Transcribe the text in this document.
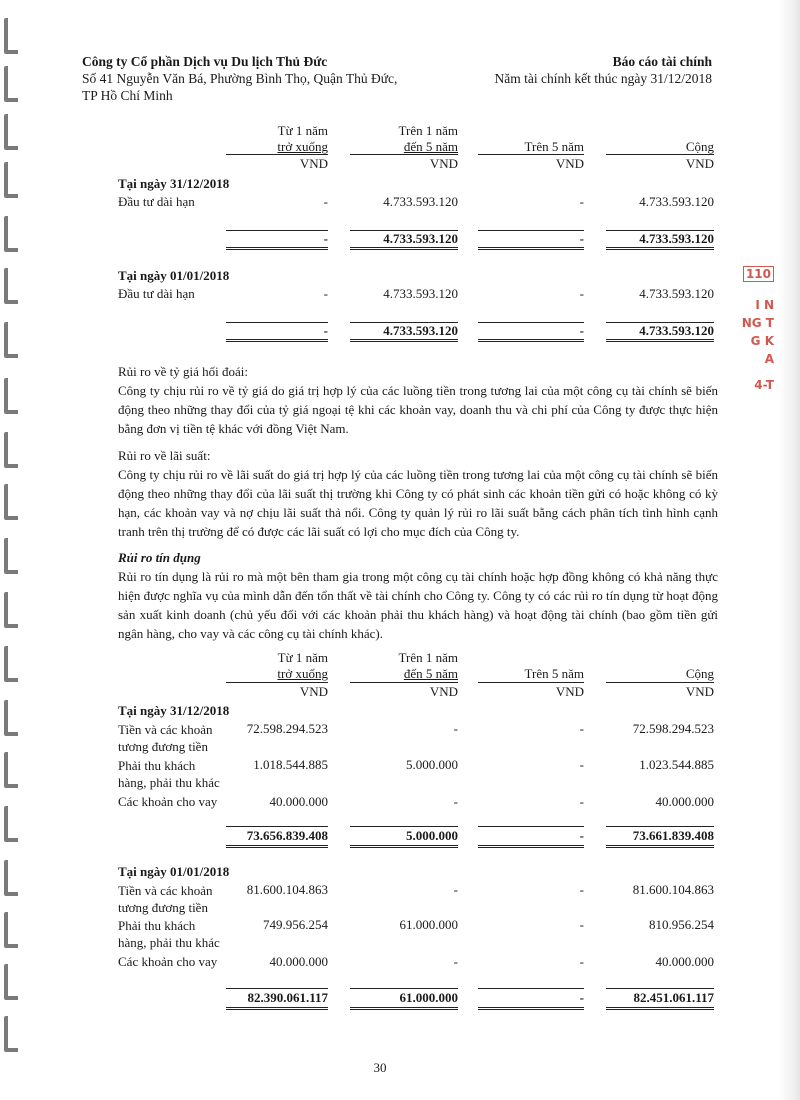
Công ty Cổ phần Dịch vụ Du lịch Thủ Đức
Số 41 Nguyễn Văn Bá, Phường Bình Thọ, Quận Thủ Đức,
TP Hồ Chí Minh
Báo cáo tài chính
Năm tài chính kết thúc ngày 31/12/2018
Từ 1 năm
trở xuống
Trên 1 năm
đến 5 năm	Trên 5 năm	Cộng
VND	VND	VND	VND
Tại ngày 31/12/2018
Đầu tư dài hạn	-	4.733.593.120	-	4.733.593.120
-	4.733.593.120	-	4.733.593.120
Tại ngày 01/01/2018
Đầu tư dài hạn	-	4.733.593.120	-	4.733.593.120
-	4.733.593.120	-	4.733.593.120
Rủi ro về tỷ giá hối đoái:
Công ty chịu rủi ro về tỷ giá do giá trị hợp lý của các luồng tiền trong tương lai của một công cụ tài chính sẽ biến động theo những thay đổi của tỷ giá ngoại tệ khi các khoản vay, doanh thu và chi phí của Công ty được thực hiện bằng đơn vị tiền tệ khác với đồng Việt Nam.
Rủi ro về lãi suất:
Công ty chịu rủi ro về lãi suất do giá trị hợp lý của các luồng tiền trong tương lai của một công cụ tài chính sẽ biến động theo những thay đổi của lãi suất thị trường khi Công ty có phát sinh các khoản tiền gửi có hoặc không có kỳ hạn, các khoản vay và nợ chịu lãi suất thả nổi. Công ty quản lý rủi ro lãi suất bằng cách phân tích tình hình cạnh tranh trên thị trường để có được các lãi suất có lợi cho mục đích của Công ty.
Rủi ro tín dụng
Rủi ro tín dụng là rủi ro mà một bên tham gia trong một công cụ tài chính hoặc hợp đồng không có khả năng thực hiện được nghĩa vụ của mình dẫn đến tổn thất về tài chính cho Công ty. Công ty có các rủi ro tín dụng từ hoạt động sản xuất kinh doanh (chủ yếu đối với các khoản phải thu khách hàng) và hoạt động tài chính (bao gồm tiền gửi ngân hàng, cho vay và các công cụ tài chính khác).
Từ 1 năm
trở xuống
Trên 1 năm
đến 5 năm	Trên 5 năm	Cộng
VND	VND	VND	VND
Tại ngày 31/12/2018
Tiền và các khoản
tương đương tiền
72.598.294.523	-	-	72.598.294.523
Phải thu khách
hàng, phải thu khác
1.018.544.885	5.000.000	-	1.023.544.885
Các khoản cho vay	40.000.000	-	-	40.000.000
73.656.839.408	5.000.000	-	73.661.839.408
Tại ngày 01/01/2018
Tiền và các khoản
tương đương tiền
81.600.104.863	-	-	81.600.104.863
Phải thu khách
hàng, phải thu khác
749.956.254	61.000.000	-	810.956.254
Các khoản cho vay	40.000.000	-	-	40.000.000
82.390.061.117	61.000.000	-	82.451.061.117
110
I N
NG T
G K
A
4-T
30
